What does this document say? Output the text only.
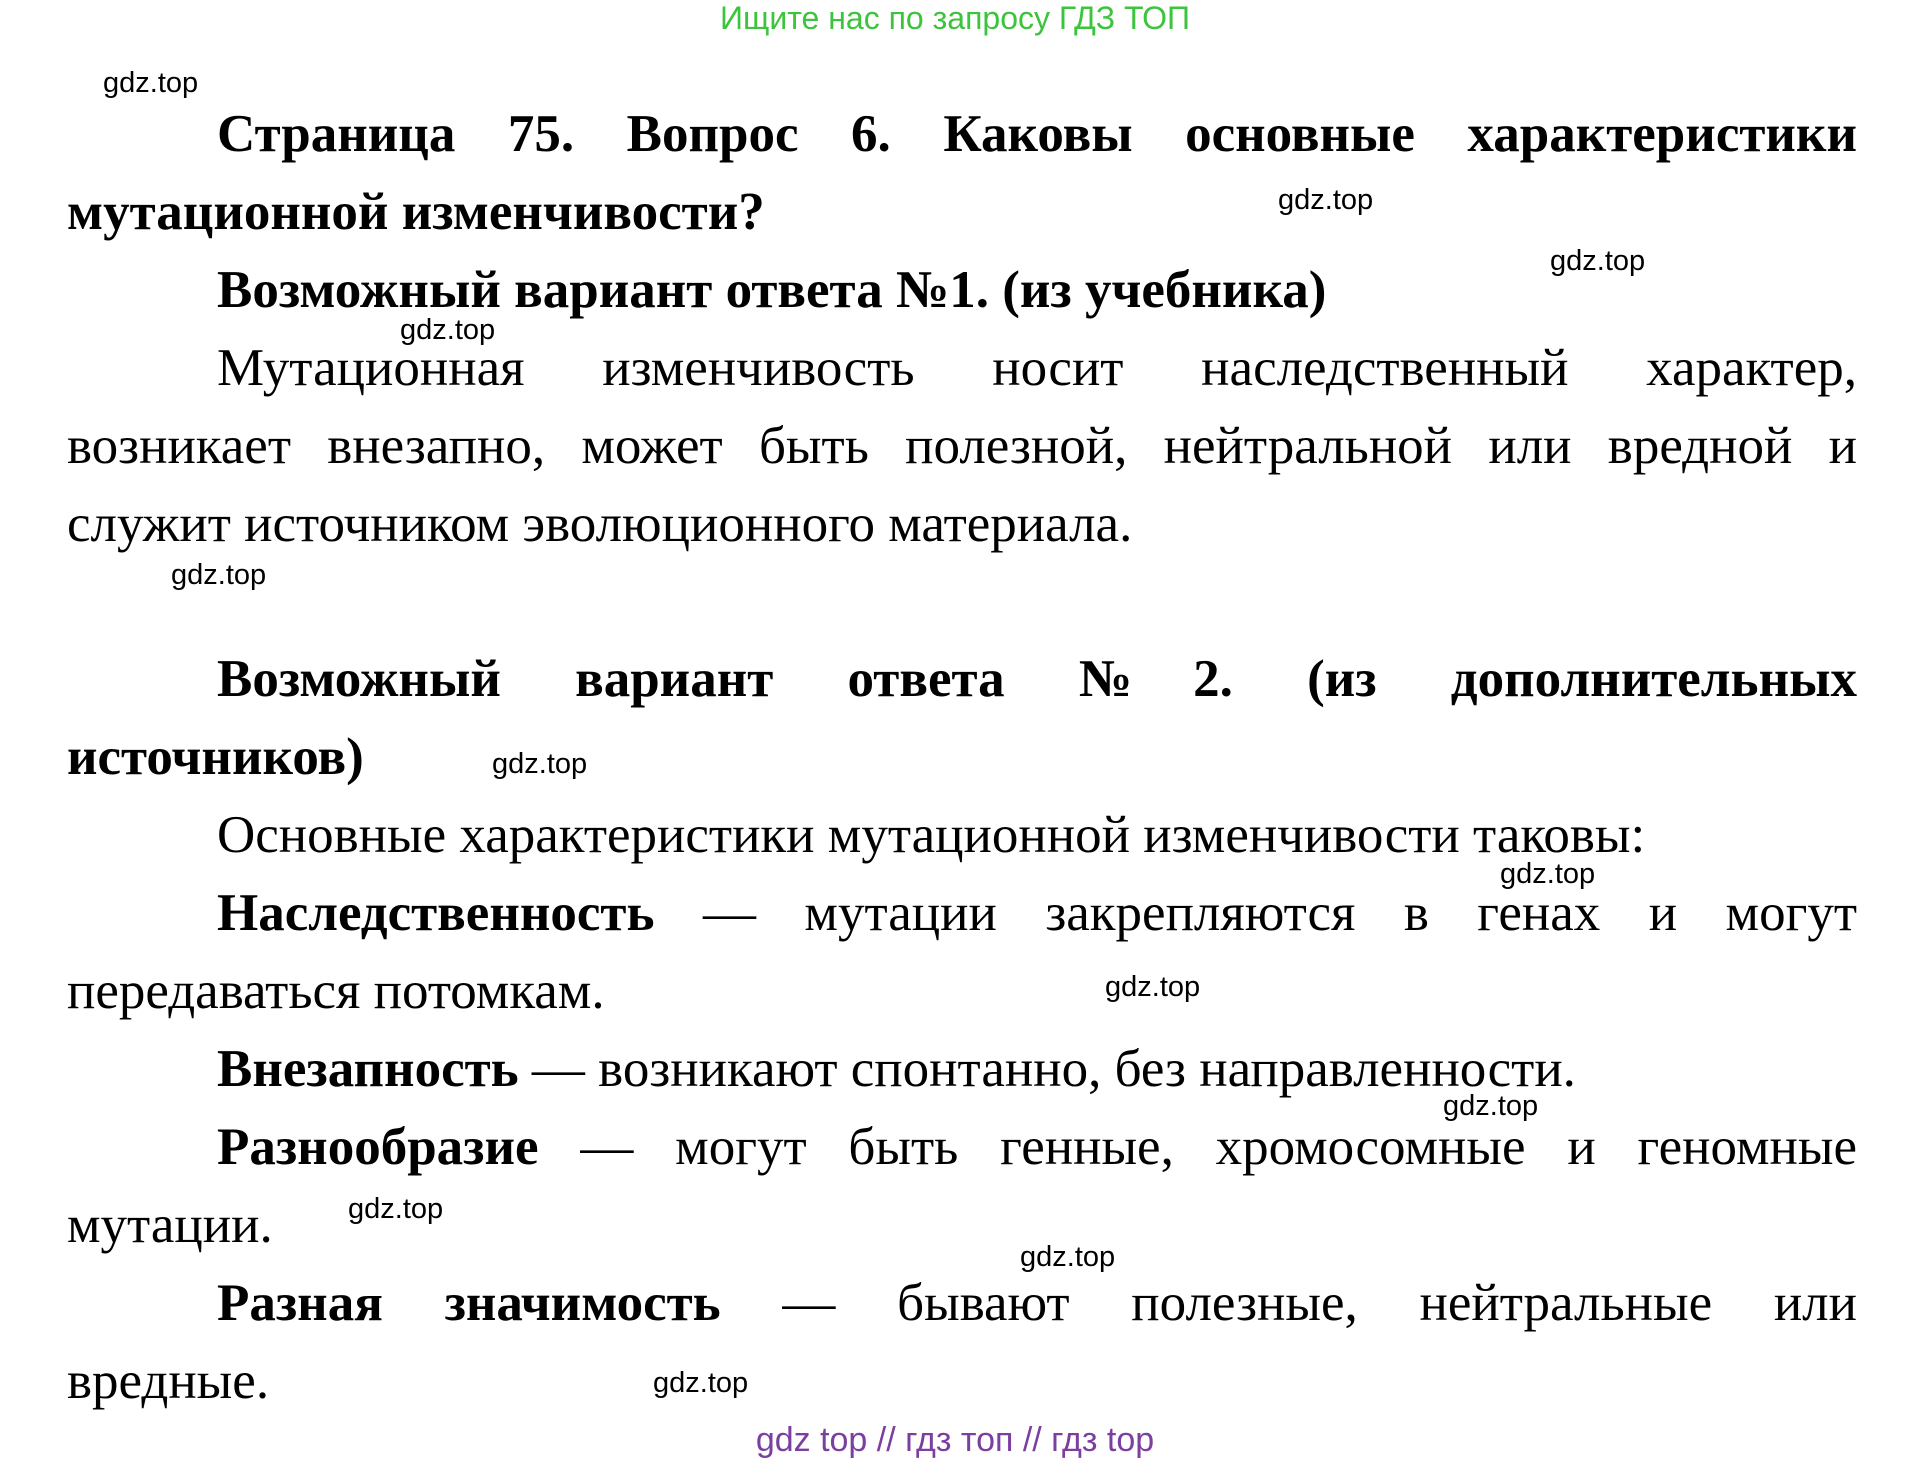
Ищите нас по запросу ГДЗ ТОП
Страница 75. Вопрос 6. Каковы основные характеристики
мутационной изменчивости?
Возможный вариант ответа №1. (из учебника)
Мутационная изменчивость носит наследственный характер,
возникает внезапно, может быть полезной, нейтральной или вредной и
служит источником эволюционного материала.
Возможный вариант ответа №2. (из дополнительных
источников)
Основные характеристики мутационной изменчивости таковы:
Наследственность — мутации закрепляются в генах и могут
передаваться потомкам.
Внезапность — возникают спонтанно, без направленности.
Разнообразие — могут быть генные, хромосомные и геномные
мутации.
Разная значимость — бывают полезные, нейтральные или
вредные.
gdz.top
gdz.top
gdz.top
gdz.top
gdz.top
gdz.top
gdz.top
gdz.top
gdz.top
gdz.top
gdz.top
gdz.top
gdz top // гдз топ // гдз top
